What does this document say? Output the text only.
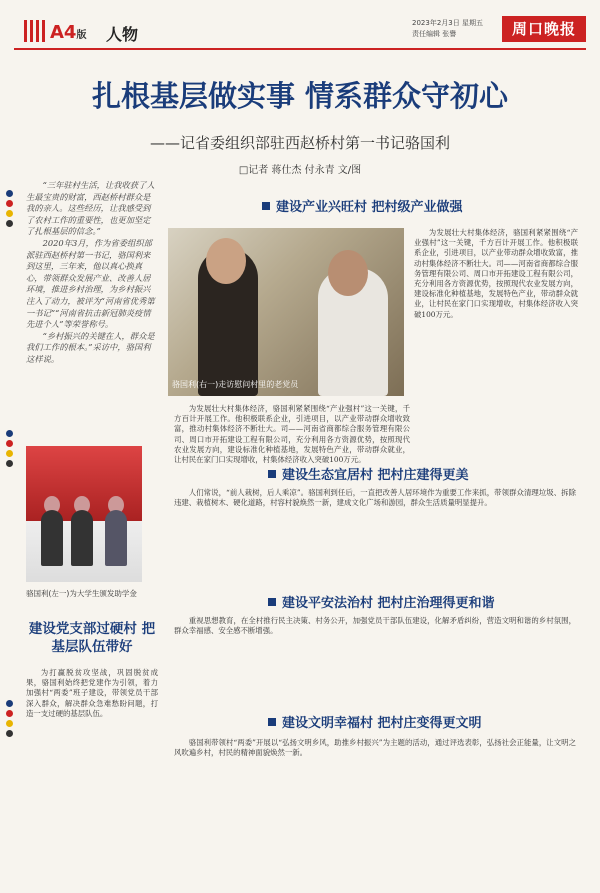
A4版 人物
2023年2月3日 星期五
责任编辑 张譽	周口晚报
扎根基层做实事 情系群众守初心
——记省委组织部驻西赵桥村第一书记骆国利
□记者 蒋仕杰 付永青 文/图

“三年驻村生活，让我收获了人生最宝贵的财富，西赵桥村群众是我的亲人。这些经历，让我感受到了农村工作的重要性，也更加坚定了扎根基层的信念。”

2020年3月，作为省委组织部派驻西赵桥村第一书记，骆国利来到这里，三年来，他以真心换真心，带领群众发展产业、改善人居环境，推进乡村治理，为乡村振兴注入了动力，被评为“河南省优秀第一书记”“河南省抗击新冠肺炎疫情先进个人”等荣誉称号。

“乡村振兴的关键在人，群众是我们工作的根本。”采访中，骆国利这样说。

建设产业兴旺村 把村级产业做强
骆国利(右一)走访慰问村里的老党员

为发展壮大村集体经济，骆国利紧紧围绕“产业强村”这一关键，千方百计开展工作。他积极联系企业，引进项目，以产业带动群众增收致富，推动村集体经济不断壮大。司——河南省商都综合服务管理有限公司、周口市开拓建设工程有限公司，充分利用各方资源优势，按照现代农业发展方向，建设标准化种植基地，发展特色产业，带动群众就业，让村民在家门口实现增收，村集体经济收入突破100万元。

为发展壮大村集体经济，骆国利紧紧围绕“产业强村”这一关键，千方百计开展工作。他积极联系企业，引进项目，以产业带动群众增收致富，推动村集体经济不断壮大。司——河南省商都综合服务管理有限公司、周口市开拓建设工程有限公司，充分利用各方资源优势，按照现代农业发展方向，建设标准化种植基地，发展特色产业，带动群众就业，让村民在家门口实现增收，村集体经济收入突破100万元。

骆国利(左一)为大学生颁发助学金
建设生态宜居村 把村庄建得更美

人们常说，“前人栽树，后人乘凉”。骆国利到任后，一直把改善人居环境作为重要工作来抓，带领群众清理垃圾、拆除违建、栽植树木、硬化道路，村容村貌焕然一新，建成文化广场和游园，群众生活质量明显提升。

建设平安法治村 把村庄治理得更和谐

重视思想教育，在全村推行民主决策、村务公开，加强党员干部队伍建设，化解矛盾纠纷，营造文明和谐的乡村氛围，群众幸福感、安全感不断增强。

建设党支部过硬村 把基层队伍带好

为打赢脱贫攻坚战，巩固脱贫成果，骆国利始终把党建作为引领，着力加强村“两委”班子建设，带领党员干部深入群众，解决群众急难愁盼问题，打造一支过硬的基层队伍。

建设文明幸福村 把村庄变得更文明

骆国利带领村“两委”开展以“弘扬文明乡风，助推乡村振兴”为主题的活动，通过评选表彰，弘扬社会正能量，让文明之风吹遍乡村，村民的精神面貌焕然一新。
